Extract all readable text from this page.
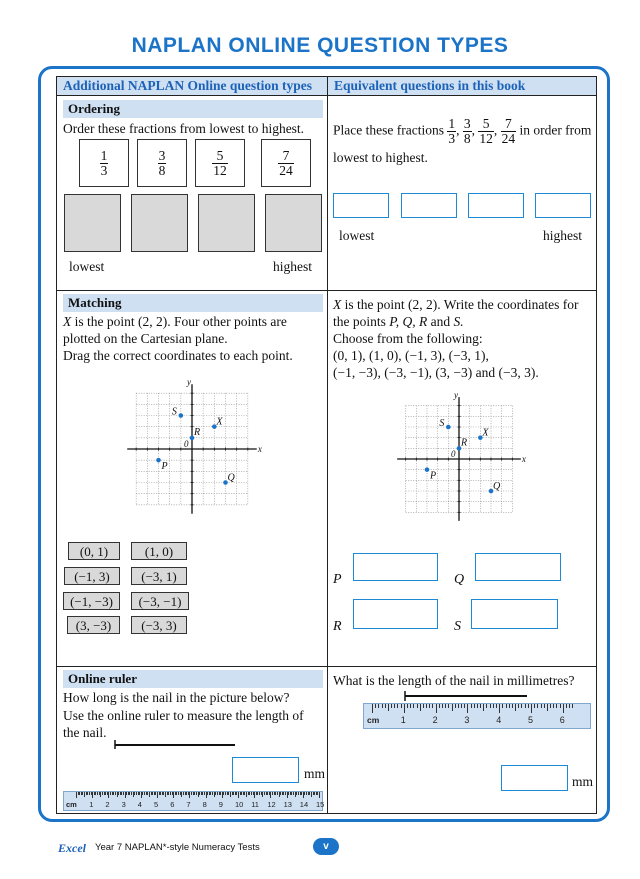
NAPLAN ONLINE QUESTION TYPES
Additional NAPLAN Online question types	Equivalent questions in this book
Ordering
Order these fractions from lowest to highest.
$\frac{1}{3}$	$\frac{3}{8}$	$\frac{5}{12}$	$\frac{7}{24}$
lowest	highest
Place these fractions $\frac{1}{3}$ , $\frac{3}{8}$ , $\frac{5}{12}$ , $\frac{7}{24}$ in order from
lowest to highest.
lowest	highest
Matching
X is the point (2, 2). Four other points are
plotted on the Cartesian plane.
Drag the correct coordinates to each point.
x
y
0
S
X
R
P
Q
(0, 1)	(1, 0)
(−1, 3)	(−3, 1)
(−1, −3)	(−3, −1)
(3, −3)	(−3, 3)
X is the point (2, 2). Write the coordinates for
the points P, Q, R and S.
Choose from the following:
(0, 1), (1, 0), (−1, 3), (−3, 1),
(−1, −3), (−3, −1), (3, −3) and (−3, 3).
x
y
0
S
X
R
P
Q
P	Q
R	S
Online ruler
How long is the nail in the picture below?
Use the online ruler to measure the length of
the nail.
mm
cm 1 2 3 4 5 6 7 8 9 10 11 12 13 14 15
What is the length of the nail in millimetres?
cm 1	2	3	4	5	6
mm
Excel Year 7 NAPLAN*-style Numeracy Tests	v
